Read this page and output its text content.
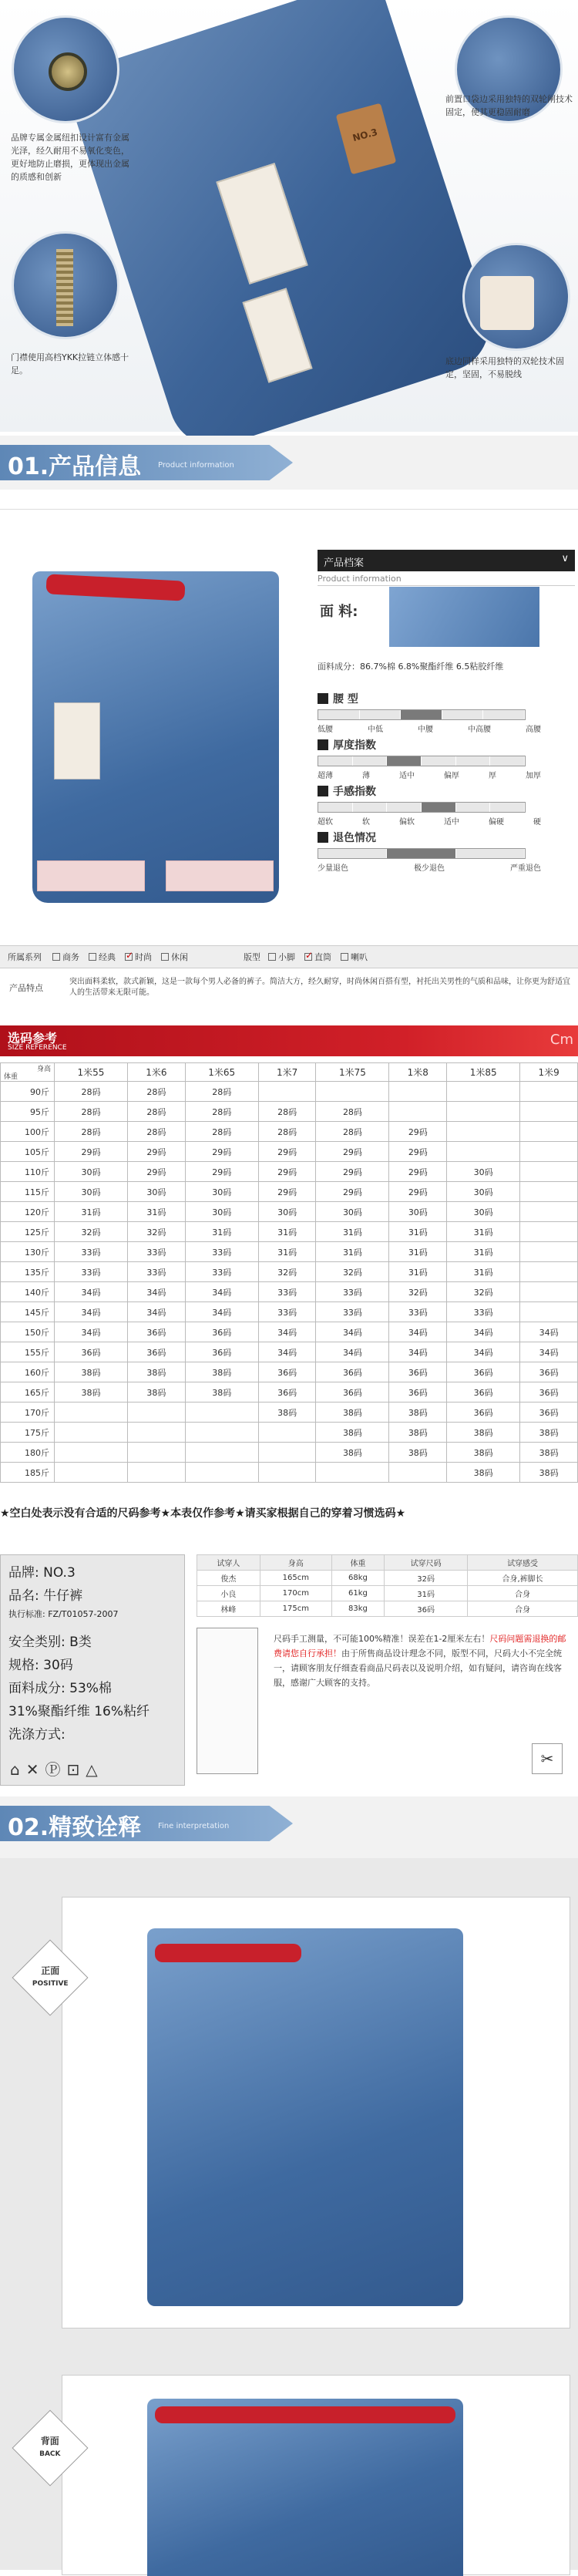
NO.3
品牌专属金属纽扣设计富有金属光泽，经久耐用不易氧化变色，更好地防止磨损，更体现出金属的质感和创新
门襟使用高档YKK拉链立体感十足。
前置口袋边采用独特的双轮闸技术固定，使其更稳固耐磨
底边同样采用独特的双轮技术固定，坚固，不易脱线
01.产品信息 Product information
产品档案	∨
Product information
面 料:
面料成分：86.7%棉 6.8%聚酯纤维 6.5粘胶纤维
腰 型
低腰	中低	中腰	中高腰	高腰
厚度指数
超薄	薄	适中	偏厚	厚	加厚
手感指数
超软	软	偏软	适中	偏硬	硬
退色情况
少量退色	极少退色	严重退色
所属系列 商务 经典 ✓ 时尚 休闲	版型 小脚 ✓ 直筒 喇叭
产品特点
突出面料柔软，款式新颖，这是一款每个男人必备的裤子。简洁大方，经久耐穿，时尚休闲百搭有型，衬托出关男性的气质和品味，让你更为舒适宜人的生活带来无限可能。
选码参考
SIZE REFERENCE	Cm
身高
体重	1米55	1米6	1米65	1米7	1米75	1米8	1米85	1米9
90斤	28码	28码	28码					
95斤	28码	28码	28码	28码	28码			
100斤	28码	28码	28码	28码	28码	29码		
105斤	29码	29码	29码	29码	29码	29码		
110斤	30码	29码	29码	29码	29码	29码	30码	
115斤	30码	30码	30码	29码	29码	29码	30码	
120斤	31码	31码	30码	30码	30码	30码	30码	
125斤	32码	32码	31码	31码	31码	31码	31码	
130斤	33码	33码	33码	31码	31码	31码	31码	
135斤	33码	33码	33码	32码	32码	31码	31码	
140斤	34码	34码	34码	33码	33码	32码	32码	
145斤	34码	34码	34码	33码	33码	33码	33码	
150斤	34码	36码	36码	34码	34码	34码	34码	34码
155斤	36码	36码	36码	34码	34码	34码	34码	34码
160斤	38码	38码	38码	36码	36码	36码	36码	36码
165斤	38码	38码	38码	36码	36码	36码	36码	36码
170斤				38码	38码	38码	36码	36码
175斤					38码	38码	38码	38码
180斤					38码	38码	38码	38码
185斤							38码	38码
★空白处表示没有合适的尺码参考★本表仅作参考★请买家根据自己的穿着习惯选码★
品牌: NO.3
品名: 牛仔裤
执行标准: FZ/T01057-2007
安全类别: B类
规格: 30码
面料成分: 53%棉
31%聚酯纤维 16%粘纤
洗涤方式:
⌂✕Ⓟ⊡△
试穿人	身高	体重	试穿尺码	试穿感受
俊杰	165cm	68kg	32码	合身,裤脚长
小良	170cm	61kg	31码	合身
林峰	175cm	83kg	36码	合身
尺码手工测量，不可能100%精准！误差在1-2厘米左右！尺码问题需退换的邮费请您自行承担！由于所售商品设计理念不同，版型不同，尺码大小不完全统一，请顾客朋友仔细查看商品尺码表以及说明介绍，如有疑问，请咨询在线客服，感谢广大顾客的支持。
✂
02.精致诠释 Fine interpretation
正面
POSITIVE
背面
BACK
